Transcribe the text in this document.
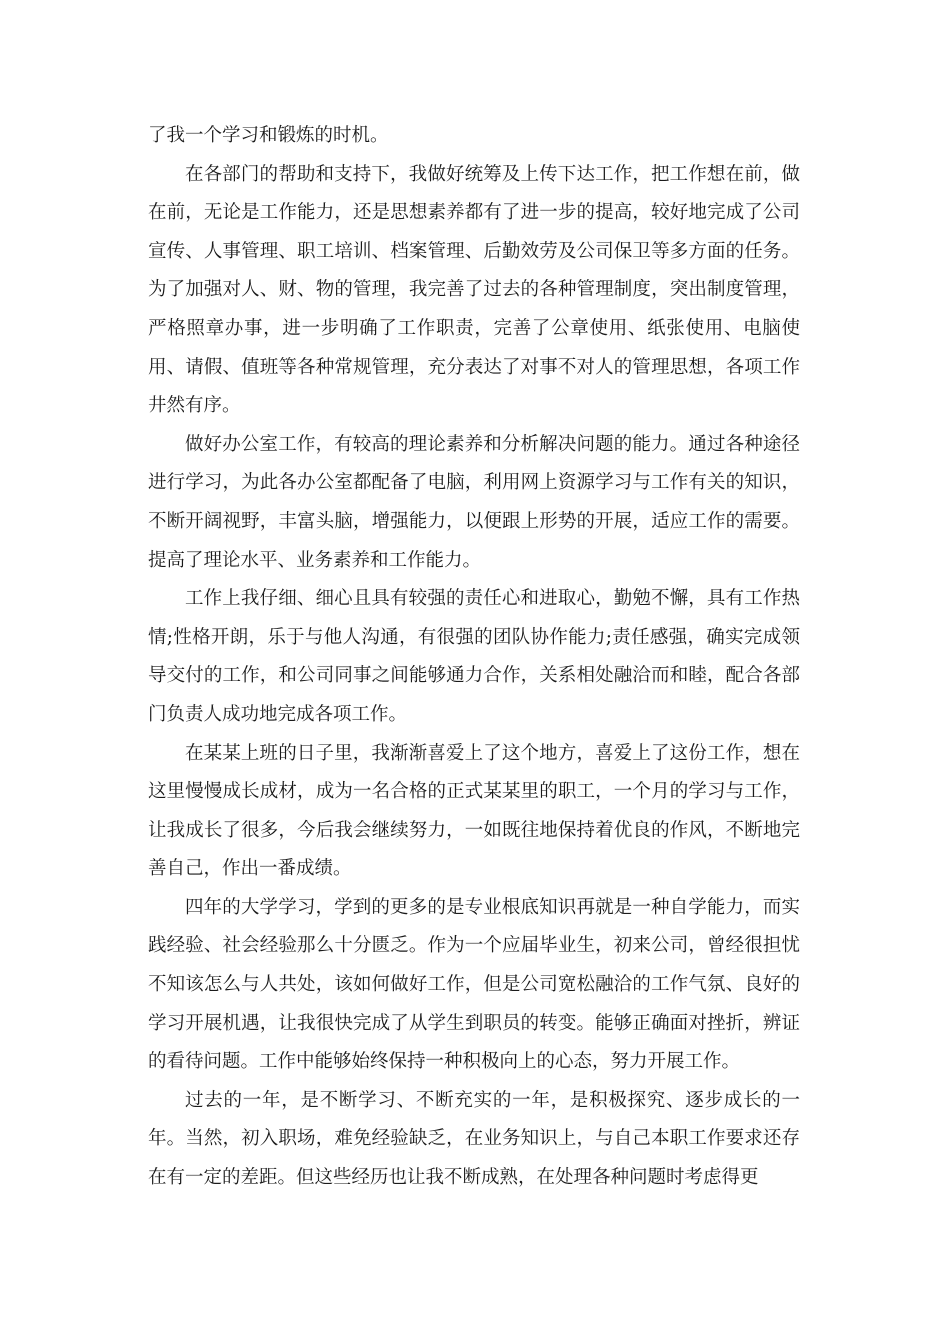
了我一个学习和锻炼的时机。

在各部门的帮助和支持下，我做好统筹及上传下达工作，把工作想在前，做在前，无论是工作能力，还是思想素养都有了进一步的提高，较好地完成了公司宣传、人事管理、职工培训、档案管理、后勤效劳及公司保卫等多方面的任务。为了加强对人、财、物的管理，我完善了过去的各种管理制度，突出制度管理，严格照章办事，进一步明确了工作职责，完善了公章使用、纸张使用、电脑使用、请假、值班等各种常规管理，充分表达了对事不对人的管理思想，各项工作井然有序。

做好办公室工作，有较高的理论素养和分析解决问题的能力。通过各种途径进行学习，为此各办公室都配备了电脑，利用网上资源学习与工作有关的知识，不断开阔视野，丰富头脑，增强能力，以便跟上形势的开展，适应工作的需要。提高了理论水平、业务素养和工作能力。

工作上我仔细、细心且具有较强的责任心和进取心，勤勉不懈，具有工作热情;性格开朗，乐于与他人沟通，有很强的团队协作能力;责任感强，确实完成领导交付的工作，和公司同事之间能够通力合作，关系相处融洽而和睦，配合各部门负责人成功地完成各项工作。

在某某上班的日子里，我渐渐喜爱上了这个地方，喜爱上了这份工作，想在这里慢慢成长成材，成为一名合格的正式某某里的职工，一个月的学习与工作，让我成长了很多，今后我会继续努力，一如既往地保持着优良的作风，不断地完善自己，作出一番成绩。

四年的大学学习，学到的更多的是专业根底知识再就是一种自学能力，而实践经验、社会经验那么十分匮乏。作为一个应届毕业生，初来公司，曾经很担忧不知该怎么与人共处，该如何做好工作，但是公司宽松融洽的工作气氛、良好的学习开展机遇，让我很快完成了从学生到职员的转变。能够正确面对挫折，辨证的看待问题。工作中能够始终保持一种积极向上的心态，努力开展工作。

过去的一年，是不断学习、不断充实的一年，是积极探究、逐步成长的一年。当然，初入职场，难免经验缺乏，在业务知识上，与自己本职工作要求还存在有一定的差距。但这些经历也让我不断成熟，在处理各种问题时考虑得更
